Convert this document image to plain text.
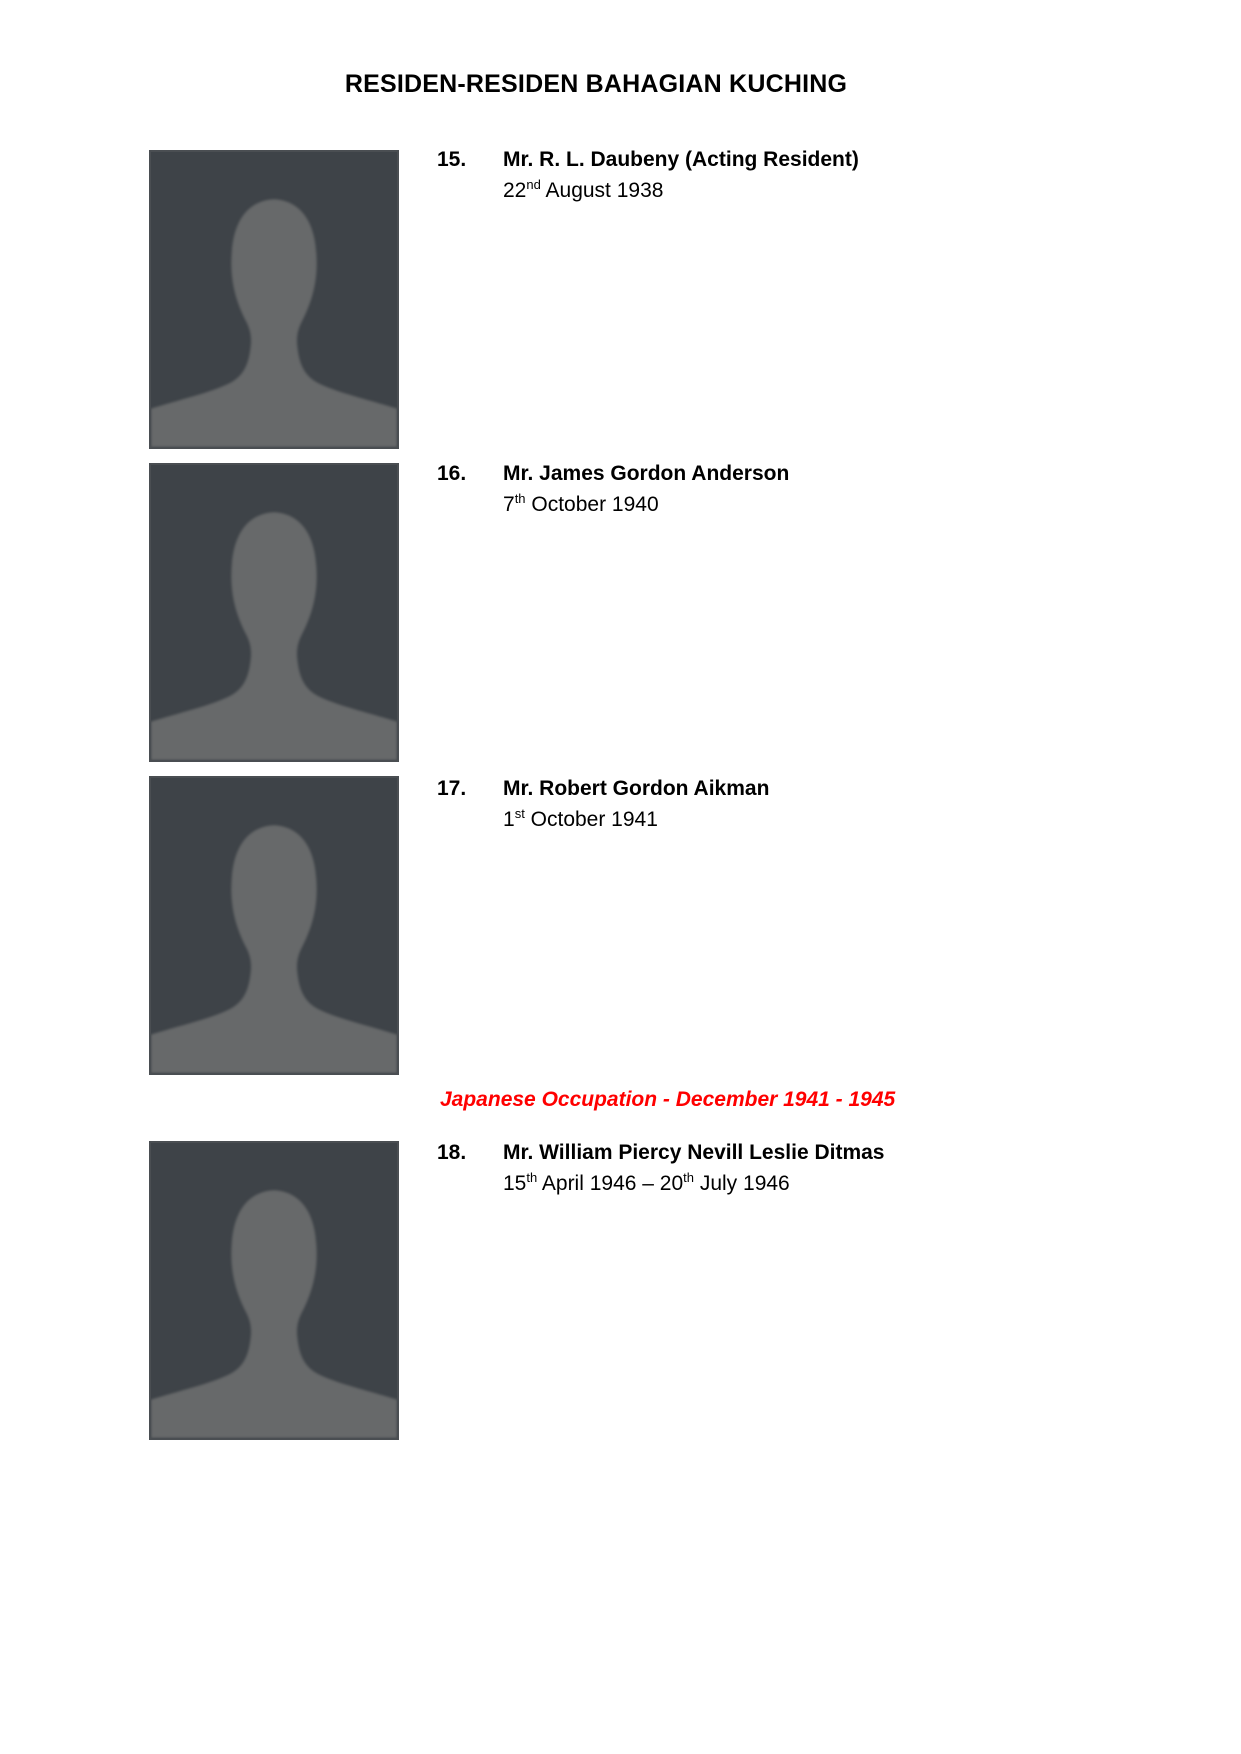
RESIDEN-RESIDEN BAHAGIAN KUCHING
15.	Mr. R. L. Daubeny (Acting Resident)
22nd August 1938
16.	Mr. James Gordon Anderson
7th October 1940
17.	Mr. Robert Gordon Aikman
1st October 1941
Japanese Occupation - December 1941 - 1945
18.	Mr. William Piercy Nevill Leslie Ditmas
15th April 1946 – 20th July 1946
